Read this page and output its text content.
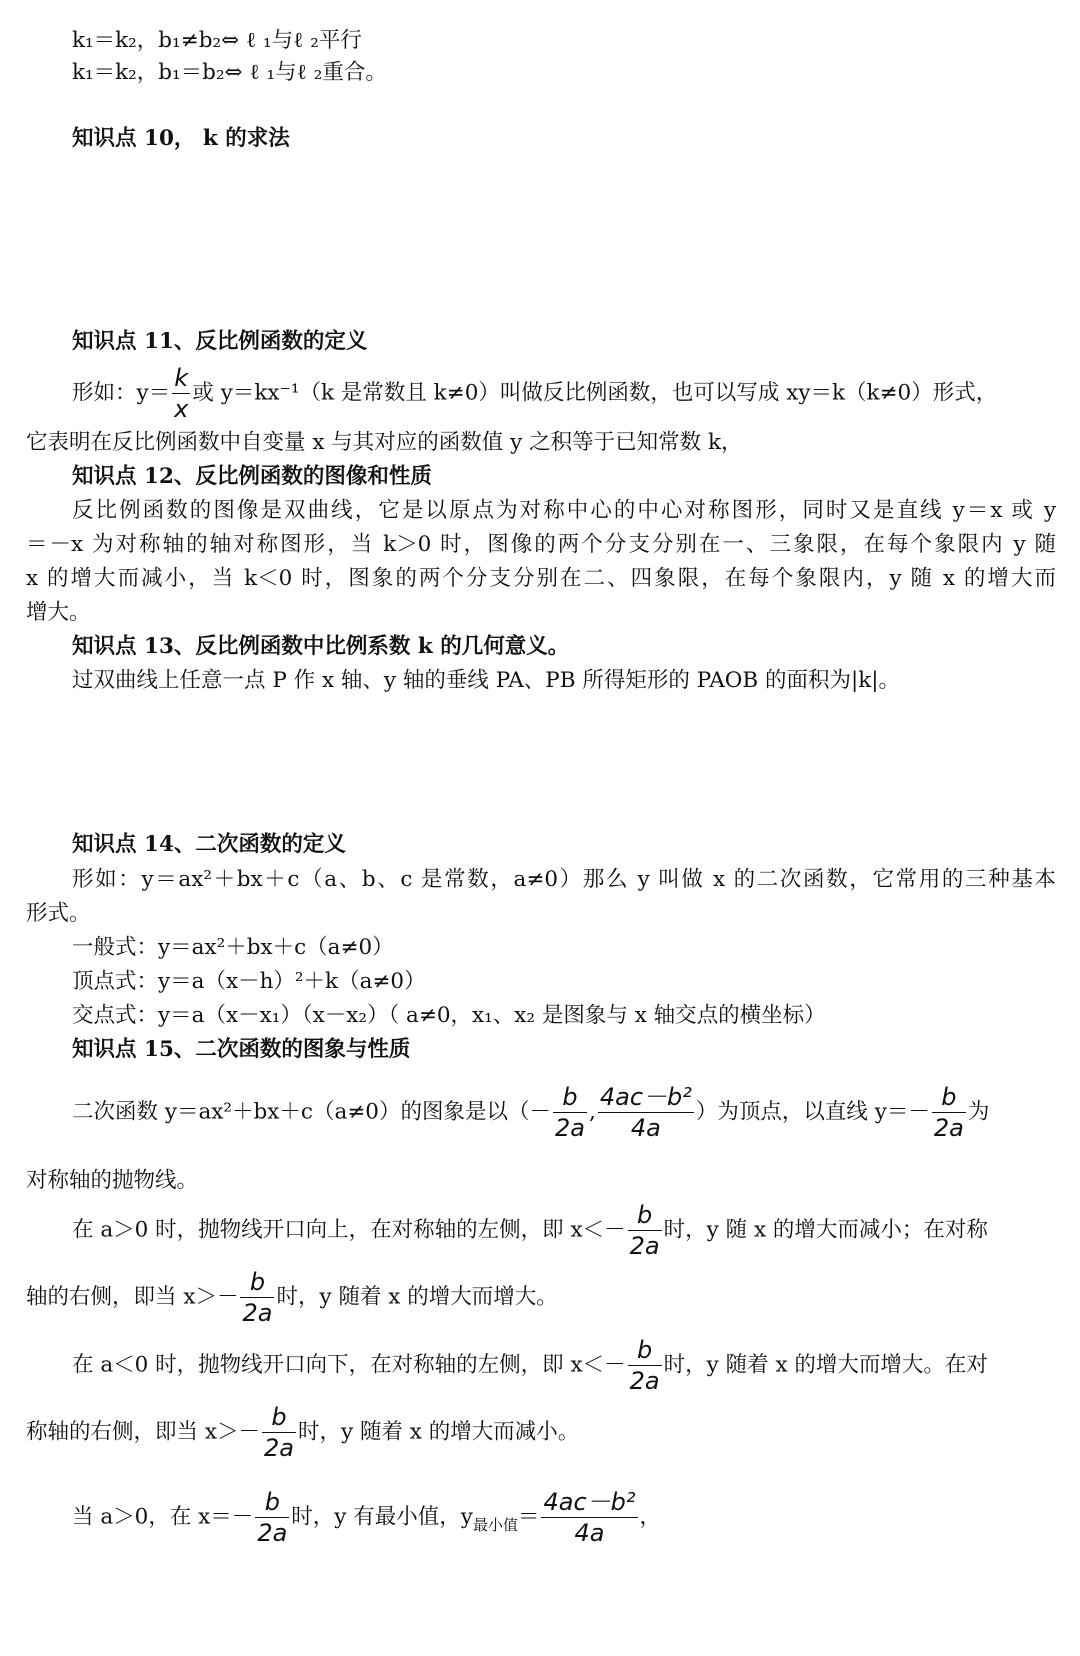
k₁＝k₂，b₁≠b₂⇔ ℓ ₁与ℓ ₂平行
k₁＝k₂，b₁＝b₂⇔ ℓ ₁与ℓ ₂重合。
知识点 10， k 的求法
知识点 11、反比例函数的定义
形如：$y= \frac{k}{x}$ 或 y＝kx⁻¹（k 是常数且 k≠0）叫做反比例函数，也可以写成 xy＝k（k≠0）形式，
它表明在反比例函数中自变量 x 与其对应的函数值 y 之积等于已知常数 k，
知识点 12、反比例函数的图像和性质
反比例函数的图像是双曲线，它是以原点为对称中心的中心对称图形，同时又是直线 y＝x 或 y
＝－x 为对称轴的轴对称图形，当 k＞0 时，图像的两个分支分别在一、三象限，在每个象限内 y 随
x 的增大而减小，当 k＜0 时，图象的两个分支分别在二、四象限，在每个象限内，y 随 x 的增大而
增大。
知识点 13、反比例函数中比例系数 k 的几何意义。
过双曲线上任意一点 P 作 x 轴、y 轴的垂线 PA、PB 所得矩形的 PAOB 的面积为|k|。
知识点 14、二次函数的定义
形如：y＝ax²＋bx＋c（a、b、c 是常数，a≠0）那么 y 叫做 x 的二次函数，它常用的三种基本
形式。
一般式：y＝ax²＋bx＋c（a≠0）
顶点式：y＝a（x－h）²＋k（a≠0）
交点式：y＝a（x－x₁）（x－x₂）（ a≠0，x₁、x₂ 是图象与 x 轴交点的横坐标）
知识点 15、二次函数的图象与性质
二次函数 y＝ax²＋bx＋c（a≠0）的图象是以（－ $\frac{b}{2a}$ , $\frac{\text{4ac－b²}}{4a}$ ）为顶点，以直线 $y=- \frac{b}{2a}$ 为
对称轴的抛物线。
在 a＞0 时，抛物线开口向上，在对称轴的左侧，即 $x<- \frac{b}{2a}$ 时，y 随 x 的增大而减小；在对称
轴的右侧，即当 $x>- \frac{b}{2a}$ 时，y 随着 x 的增大而增大。
在 a＜0 时，抛物线开口向下，在对称轴的左侧，即 $x<- \frac{b}{2a}$ 时，y 随着 x 的增大而增大。在对
称轴的右侧，即当 $x>- \frac{b}{2a}$ 时，y 随着 x 的增大而减小。
当 a＞0，在 $x=- \frac{b}{2a}$ 时，y 有最小值，$y_{最小值}= \frac{\text{4ac－b²}}{4a}$ ，
